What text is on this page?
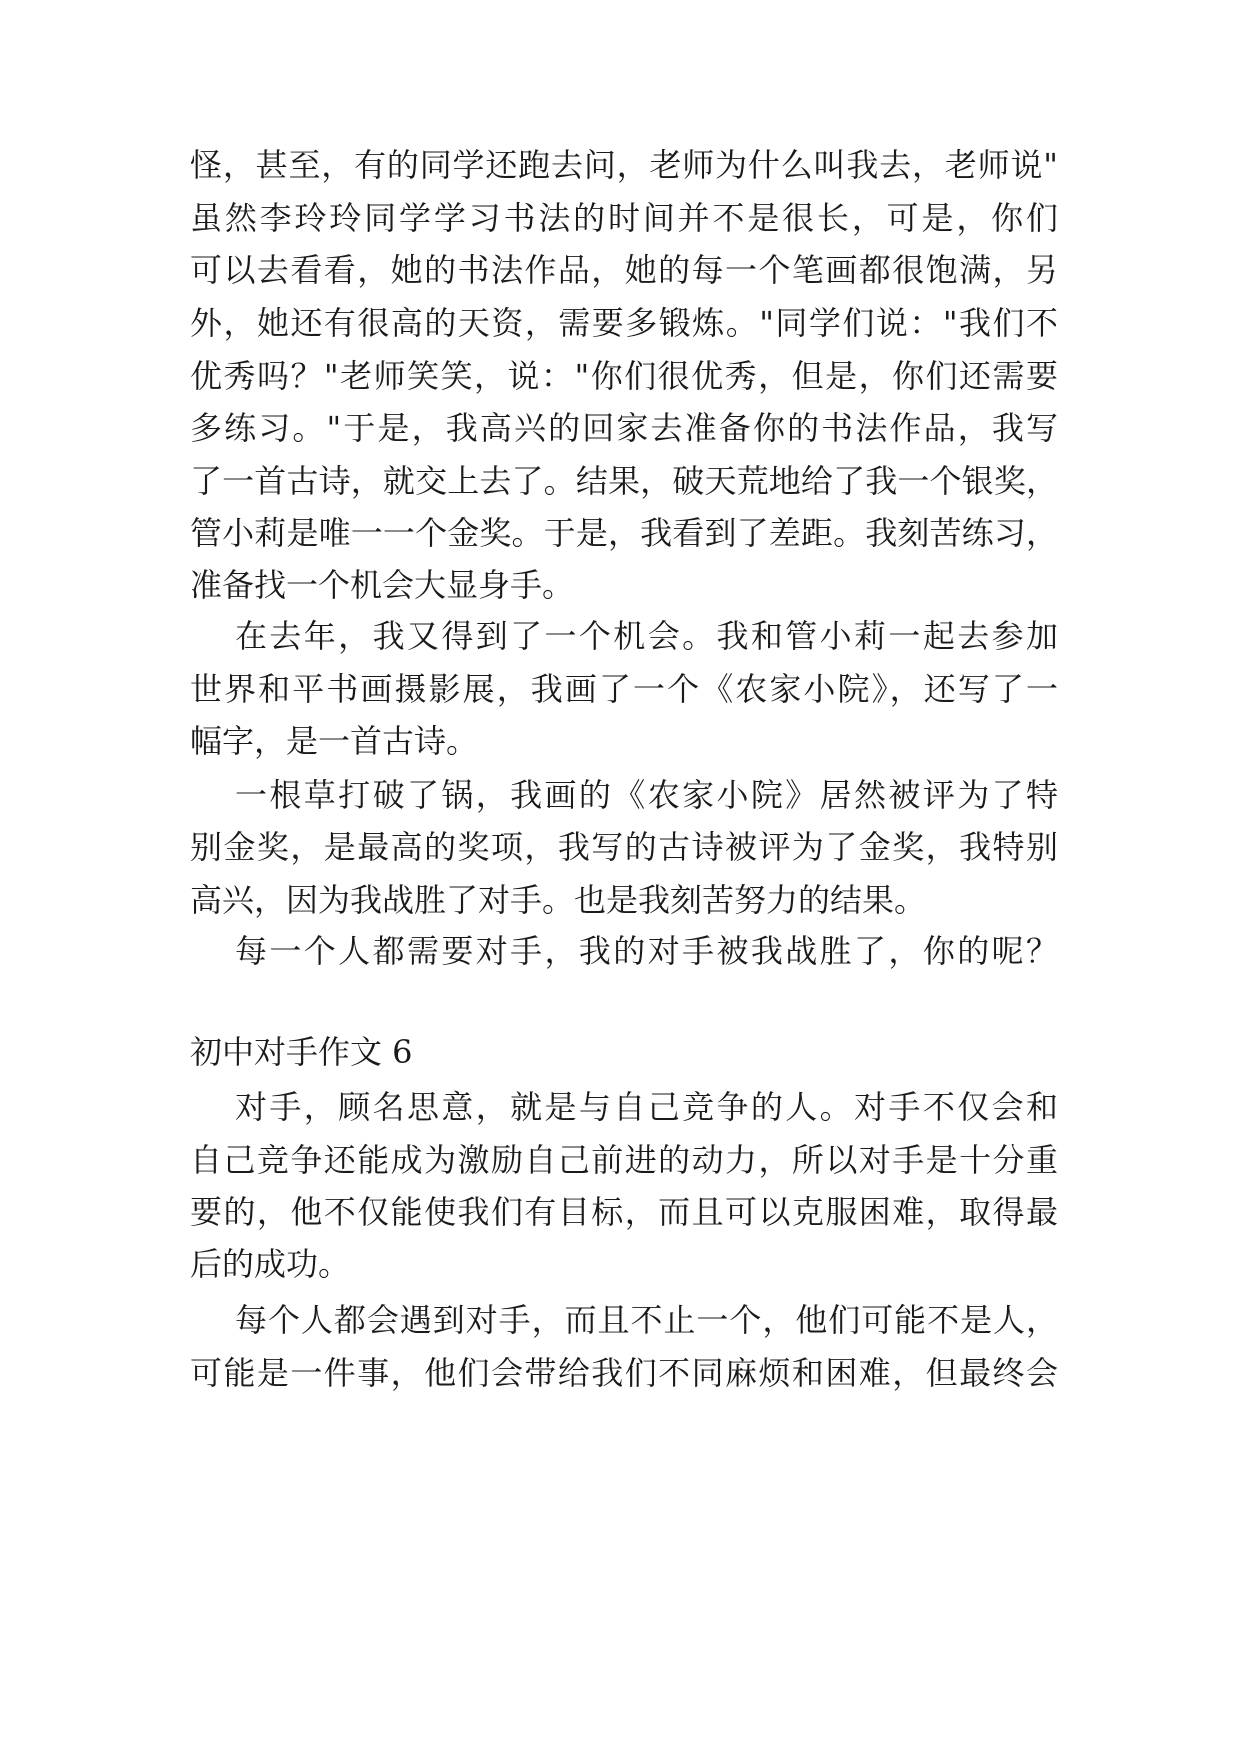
怪，甚至，有的同学还跑去问，老师为什么叫我去，老师说"
虽然李玲玲同学学习书法的时间并不是很长，可是，你们
可以去看看，她的书法作品，她的每一个笔画都很饱满，另
外，她还有很高的天资，需要多锻炼。"同学们说："我们不
优秀吗？"老师笑笑，说："你们很优秀，但是，你们还需要
多练习。"于是，我高兴的回家去准备你的书法作品，我写
了一首古诗，就交上去了。结果，破天荒地给了我一个银奖，
管小莉是唯一一个金奖。于是，我看到了差距。我刻苦练习，
准备找一个机会大显身手。
在去年，我又得到了一个机会。我和管小莉一起去参加
世界和平书画摄影展，我画了一个《农家小院》，还写了一
幅字，是一首古诗。
一根草打破了锅，我画的《农家小院》居然被评为了特
别金奖，是最高的奖项，我写的古诗被评为了金奖，我特别
高兴，因为我战胜了对手。也是我刻苦努力的结果。
每一个人都需要对手，我的对手被我战胜了，你的呢？
初中对手作文 6
对手，顾名思意，就是与自己竞争的人。对手不仅会和
自己竞争还能成为激励自己前进的动力，所以对手是十分重
要的，他不仅能使我们有目标，而且可以克服困难，取得最
后的成功。
每个人都会遇到对手，而且不止一个，他们可能不是人，
可能是一件事，他们会带给我们不同麻烦和困难，但最终会
